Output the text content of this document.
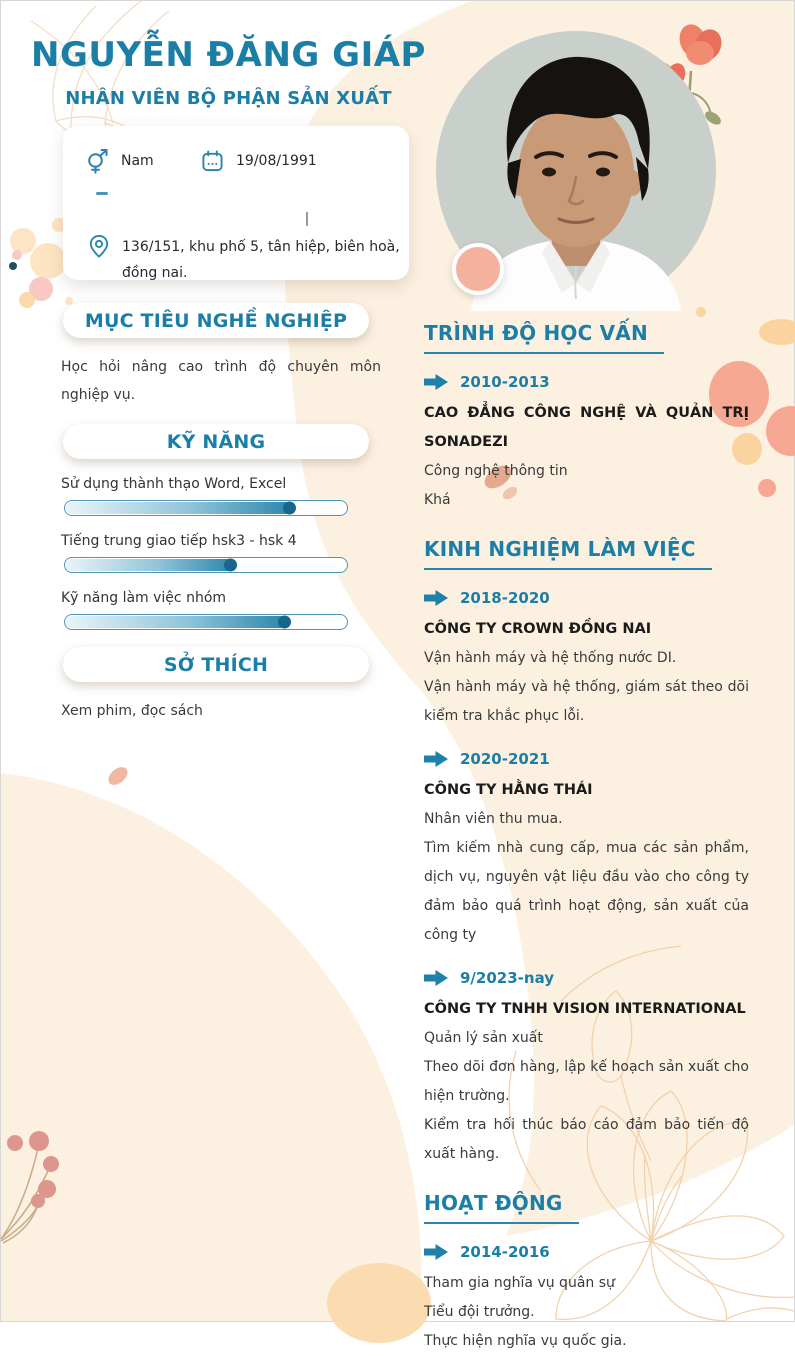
NGUYỄN ĐĂNG GIÁP
NHÂN VIÊN BỘ PHẬN SẢN XUẤT
Nam	19/08/1991
136/151, khu phố 5, tân hiệp, biên hoà, đồng nai.
MỤC TIÊU NGHỀ NGHIỆP

Học hỏi nâng cao trình độ chuyên môn nghiệp vụ.

KỸ NĂNG
Sử dụng thành thạo Word, Excel
Tiếng trung giao tiếp hsk3 - hsk 4
Kỹ năng làm việc nhóm
SỞ THÍCH

Xem phim, đọc sách

TRÌNH ĐỘ HỌC VẤN
2010-2013

CAO ĐẲNG CÔNG NGHỆ VÀ QUẢN TRỊ SONADEZI

Công nghệ thông tin

Khá

KINH NGHIỆM LÀM VIỆC
2018-2020

CÔNG TY CROWN ĐỒNG NAI

Vận hành máy và hệ thống nước DI.

Vận hành máy và hệ thống, giám sát theo dõi kiểm tra khắc phục lỗi.

2020-2021

CÔNG TY HẰNG THÁI

Nhân viên thu mua.

Tìm kiếm nhà cung cấp, mua các sản phẩm, dịch vụ, nguyên vật liệu đầu vào cho công ty đảm bảo quá trình hoạt động, sản xuất của công ty

9/2023-nay

CÔNG TY TNHH VISION INTERNATIONAL

Quản lý sản xuất

Theo dõi đơn hàng, lập kế hoạch sản xuất cho hiện trường.

Kiểm tra hối thúc báo cáo đảm bảo tiến độ xuất hàng.

HOẠT ĐỘNG
2014-2016

Tham gia nghĩa vụ quân sự

Tiểu đội trưởng.

Thực hiện nghĩa vụ quốc gia.
